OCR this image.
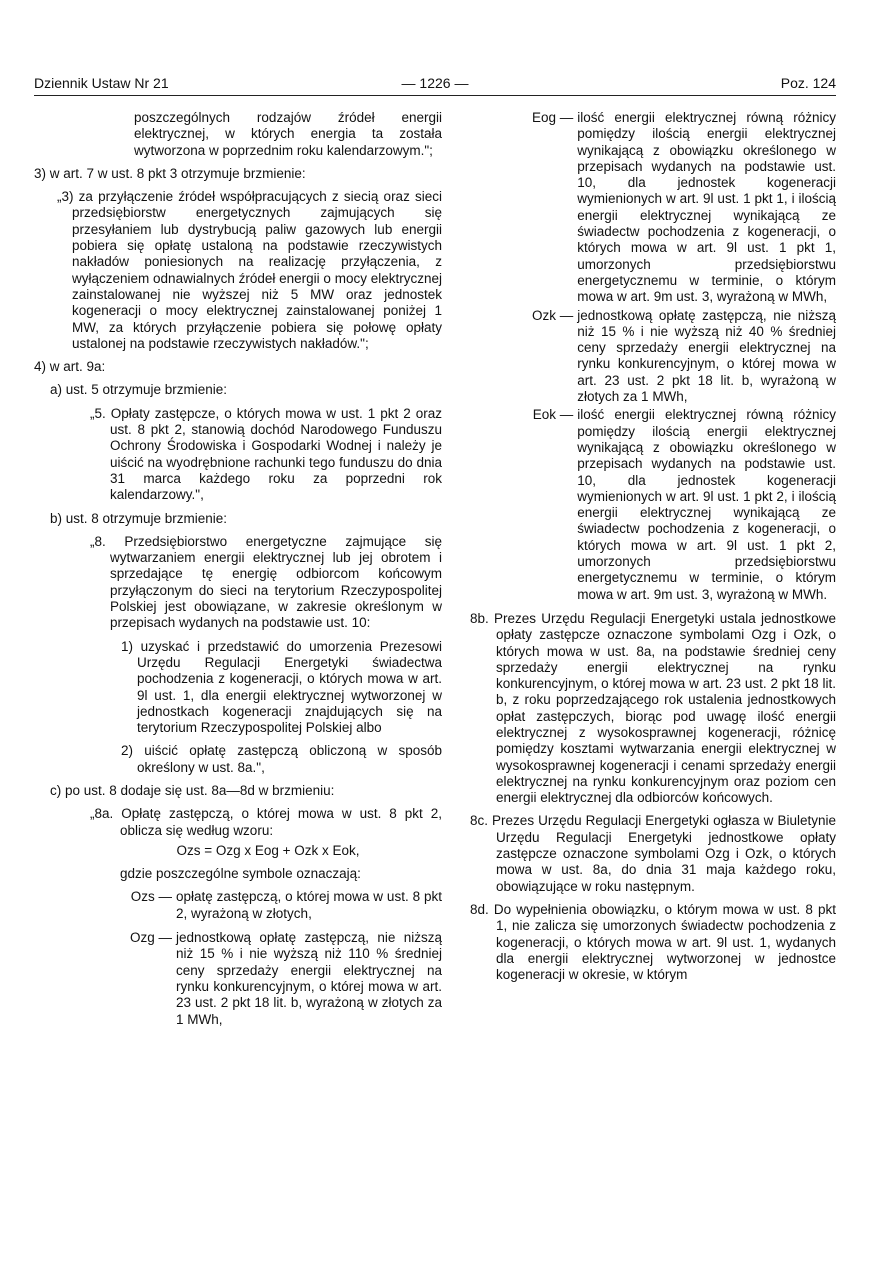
Dziennik Ustaw Nr 21	— 1226 —	Poz. 124
poszczególnych rodzajów źródeł energii elektrycznej, w których energia ta została wytworzona w poprzednim roku kalendarzowym.";
3) w art. 7 w ust. 8 pkt 3 otrzymuje brzmienie:
„3) za przyłączenie źródeł współpracujących z siecią oraz sieci przedsiębiorstw energetycznych zajmujących się przesyłaniem lub dystrybucją paliw gazowych lub energii pobiera się opłatę ustaloną na podstawie rzeczywistych nakładów poniesionych na realizację przyłączenia, z wyłączeniem odnawialnych źródeł energii o mocy elektrycznej zainstalowanej nie wyższej niż 5 MW oraz jednostek kogeneracji o mocy elektrycznej zainstalowanej poniżej 1 MW, za których przyłączenie pobiera się połowę opłaty ustalonej na podstawie rzeczywistych nakładów.";
4) w art. 9a:
a) ust. 5 otrzymuje brzmienie:
„5. Opłaty zastępcze, o których mowa w ust. 1 pkt 2 oraz ust. 8 pkt 2, stanowią dochód Narodowego Funduszu Ochrony Środowiska i Gospodarki Wodnej i należy je uiścić na wyodrębnione rachunki tego funduszu do dnia 31 marca każdego roku za poprzedni rok kalendarzowy.",
b) ust. 8 otrzymuje brzmienie:
„8. Przedsiębiorstwo energetyczne zajmujące się wytwarzaniem energii elektrycznej lub jej obrotem i sprzedające tę energię odbiorcom końcowym przyłączonym do sieci na terytorium Rzeczypospolitej Polskiej jest obowiązane, w zakresie określonym w przepisach wydanych na podstawie ust. 10:
1) uzyskać i przedstawić do umorzenia Prezesowi Urzędu Regulacji Energetyki świadectwa pochodzenia z kogeneracji, o których mowa w art. 9l ust. 1, dla energii elektrycznej wytworzonej w jednostkach kogeneracji znajdujących się na terytorium Rzeczypospolitej Polskiej albo
2) uiścić opłatę zastępczą obliczoną w sposób określony w ust. 8a.",
c) po ust. 8 dodaje się ust. 8a—8d w brzmieniu:
„8a. Opłatę zastępczą, o której mowa w ust. 8 pkt 2, oblicza się według wzoru:
Ozs = Ozg x Eog + Ozk x Eok,
gdzie poszczególne symbole oznaczają:
Ozs —	opłatę zastępczą, o której mowa w ust. 8 pkt 2, wyrażoną w złotych,
Ozg —	jednostkową opłatę zastępczą, nie niższą niż 15 % i nie wyższą niż 110 % średniej ceny sprzedaży energii elektrycznej na rynku konkurencyjnym, o której mowa w art. 23 ust. 2 pkt 18 lit. b, wyrażoną w złotych za 1 MWh,
Eog —	ilość energii elektrycznej równą różnicy pomiędzy ilością energii elektrycznej wynikającą z obowiązku określonego w przepisach wydanych na podstawie ust. 10, dla jednostek kogeneracji wymienionych w art. 9l ust. 1 pkt 1, i ilością energii elektrycznej wynikającą ze świadectw pochodzenia z kogeneracji, o których mowa w art. 9l ust. 1 pkt 1, umorzonych przedsiębiorstwu energetycznemu w terminie, o którym mowa w art. 9m ust. 3, wyrażoną w MWh,
Ozk —	jednostkową opłatę zastępczą, nie niższą niż 15 % i nie wyższą niż 40 % średniej ceny sprzedaży energii elektrycznej na rynku konkurencyjnym, o której mowa w art. 23 ust. 2 pkt 18 lit. b, wyrażoną w złotych za 1 MWh,
Eok —	ilość energii elektrycznej równą różnicy pomiędzy ilością energii elektrycznej wynikającą z obowiązku określonego w przepisach wydanych na podstawie ust. 10, dla jednostek kogeneracji wymienionych w art. 9l ust. 1 pkt 2, i ilością energii elektrycznej wynikającą ze świadectw pochodzenia z kogeneracji, o których mowa w art. 9l ust. 1 pkt 2, umorzonych przedsiębiorstwu energetycznemu w terminie, o którym mowa w art. 9m ust. 3, wyrażoną w MWh.
8b. Prezes Urzędu Regulacji Energetyki ustala jednostkowe opłaty zastępcze oznaczone symbolami Ozg i Ozk, o których mowa w ust. 8a, na podstawie średniej ceny sprzedaży energii elektrycznej na rynku konkurencyjnym, o której mowa w art. 23 ust. 2 pkt 18 lit. b, z roku poprzedzającego rok ustalenia jednostkowych opłat zastępczych, biorąc pod uwagę ilość energii elektrycznej z wysokosprawnej kogeneracji, różnicę pomiędzy kosztami wytwarzania energii elektrycznej w wysokosprawnej kogeneracji i cenami sprzedaży energii elektrycznej na rynku konkurencyjnym oraz poziom cen energii elektrycznej dla odbiorców końcowych.
8c. Prezes Urzędu Regulacji Energetyki ogłasza w Biuletynie Urzędu Regulacji Energetyki jednostkowe opłaty zastępcze oznaczone symbolami Ozg i Ozk, o których mowa w ust. 8a, do dnia 31 maja każdego roku, obowiązujące w roku następnym.
8d. Do wypełnienia obowiązku, o którym mowa w ust. 8 pkt 1, nie zalicza się umorzonych świadectw pochodzenia z kogeneracji, o których mowa w art. 9l ust. 1, wydanych dla energii elektrycznej wytworzonej w jednostce kogeneracji w okresie, w którym
